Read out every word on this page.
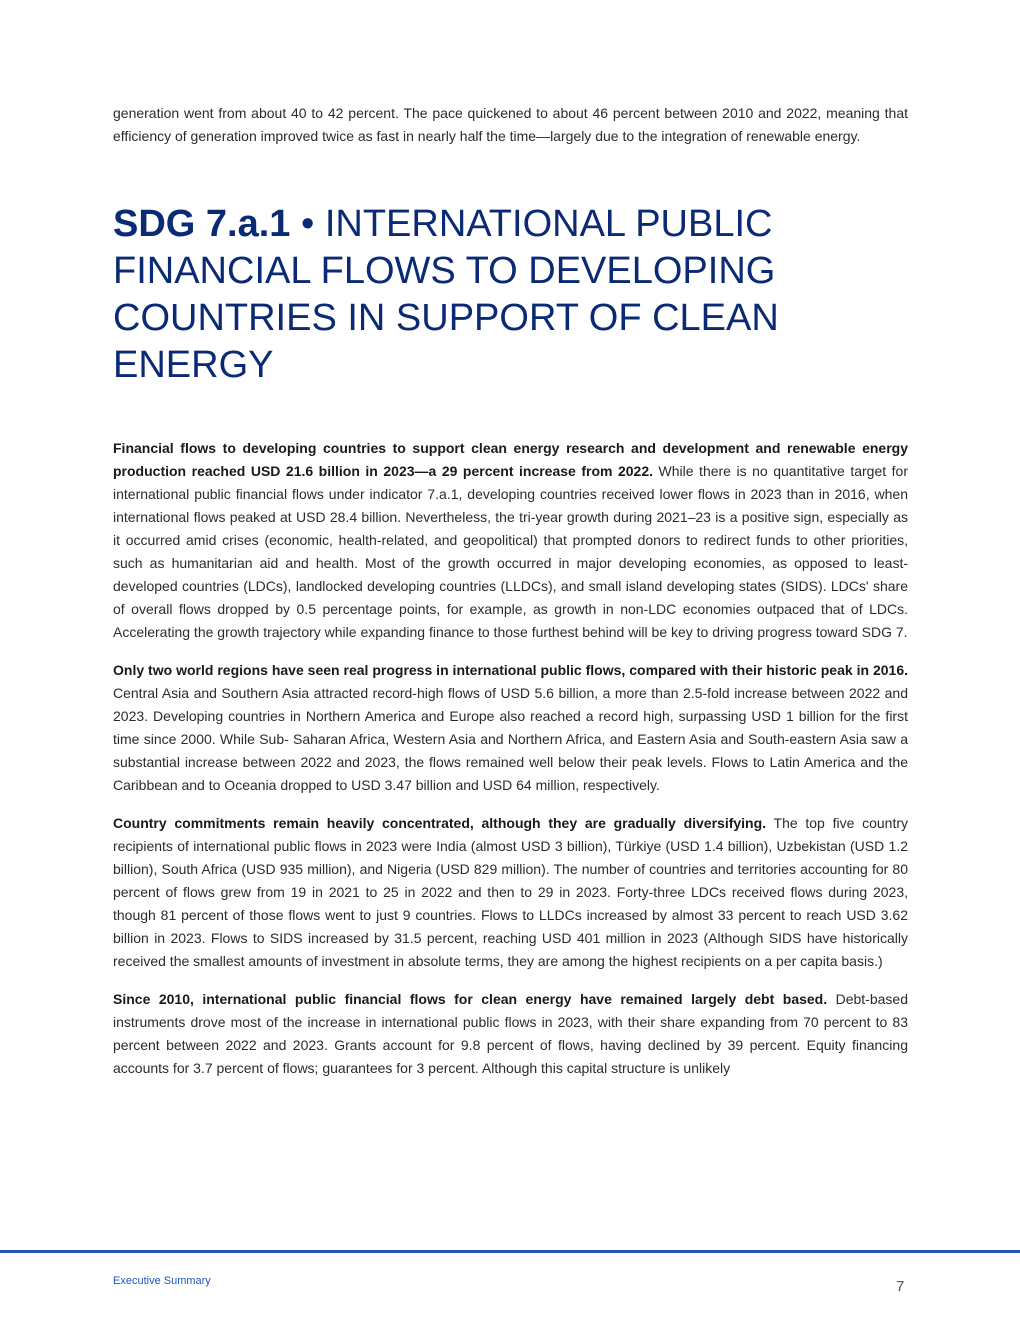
generation went from about 40 to 42 percent. The pace quickened to about 46 percent between 2010 and 2022, meaning that efficiency of generation improved twice as fast in nearly half the time—largely due to the integration of renewable energy.

SDG 7.a.1 • INTERNATIONAL PUBLIC FINANCIAL FLOWS TO DEVELOPING COUNTRIES IN SUPPORT OF CLEAN ENERGY

Financial flows to developing countries to support clean energy research and development and renewable energy production reached USD 21.6 billion in 2023—a 29 percent increase from 2022. While there is no quantitative target for international public financial flows under indicator 7.a.1, developing countries received lower flows in 2023 than in 2016, when international flows peaked at USD 28.4 billion. Nevertheless, the tri-year growth during 2021–23 is a positive sign, especially as it occurred amid crises (economic, health-related, and geopolitical) that prompted donors to redirect funds to other priorities, such as humanitarian aid and health. Most of the growth occurred in major developing economies, as opposed to least-developed countries (LDCs), landlocked developing countries (LLDCs), and small island developing states (SIDS). LDCs' share of overall flows dropped by 0.5 percentage points, for example, as growth in non-LDC economies outpaced that of LDCs. Accelerating the growth trajectory while expanding finance to those furthest behind will be key to driving progress toward SDG 7.

Only two world regions have seen real progress in international public flows, compared with their historic peak in 2016. Central Asia and Southern Asia attracted record-high flows of USD 5.6 billion, a more than 2.5-fold increase between 2022 and 2023. Developing countries in Northern America and Europe also reached a record high, surpassing USD 1 billion for the first time since 2000. While Sub- Saharan Africa, Western Asia and Northern Africa, and Eastern Asia and South-eastern Asia saw a substantial increase between 2022 and 2023, the flows remained well below their peak levels. Flows to Latin America and the Caribbean and to Oceania dropped to USD 3.47 billion and USD 64 million, respectively.

Country commitments remain heavily concentrated, although they are gradually diversifying. The top five country recipients of international public flows in 2023 were India (almost USD 3 billion), Türkiye (USD 1.4 billion), Uzbekistan (USD 1.2 billion), South Africa (USD 935 million), and Nigeria (USD 829 million). The number of countries and territories accounting for 80 percent of flows grew from 19 in 2021 to 25 in 2022 and then to 29 in 2023. Forty-three LDCs received flows during 2023, though 81 percent of those flows went to just 9 countries. Flows to LLDCs increased by almost 33 percent to reach USD 3.62 billion in 2023. Flows to SIDS increased by 31.5 percent, reaching USD 401 million in 2023 (Although SIDS have historically received the smallest amounts of investment in absolute terms, they are among the highest recipients on a per capita basis.)

Since 2010, international public financial flows for clean energy have remained largely debt based. Debt-based instruments drove most of the increase in international public flows in 2023, with their share expanding from 70 percent to 83 percent between 2022 and 2023. Grants account for 9.8 percent of flows, having declined by 39 percent. Equity financing accounts for 3.7 percent of flows; guarantees for 3 percent. Although this capital structure is unlikely

Executive Summary	7
